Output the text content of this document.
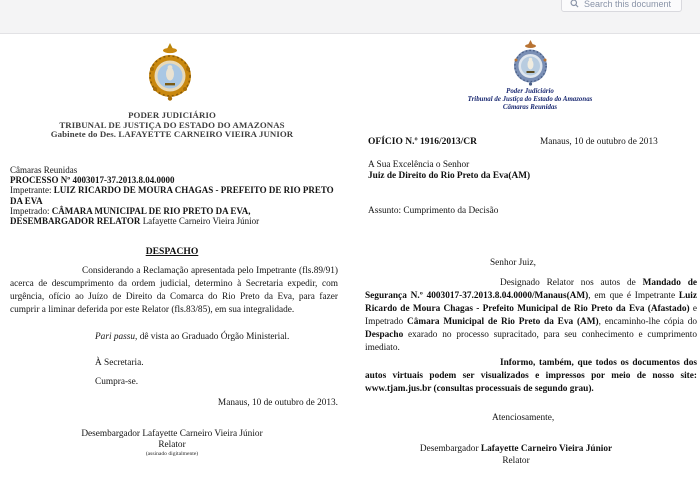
Search this document
PODER JUDICIÁRIO
TRIBUNAL DE JUSTIÇA DO ESTADO DO AMAZONAS
Gabinete do Des. LAFAYETTE CARNEIRO VIEIRA JUNIOR
Câmaras Reunidas
PROCESSO Nº 4003017-37.2013.8.04.0000
Impetrante: LUIZ RICARDO DE MOURA CHAGAS - PREFEITO DE RIO PRETO DA EVA
Impetrado: CÂMARA MUNICIPAL DE RIO PRETO DA EVA,
DESEMBARGADOR RELATOR Lafayette Carneiro Vieira Júnior
DESPACHO

Considerando a Reclamação apresentada pelo Impetrante (fls.89/91) acerca de descumprimento da ordem judicial, determino à Secretaria expedir, com urgência, ofício ao Juízo de Direito da Comarca do Rio Preto da Eva, para fazer cumprir a liminar deferida por este Relator (fls.83/85), em sua integralidade.

Pari passu, dê vista ao Graduado Órgão Ministerial.
À Secretaria.
Cumpra-se.
Manaus, 10 de outubro de 2013.
Desembargador Lafayette Carneiro Vieira Júnior
Relator
(assinado digitalmente)
Poder Judiciário
Tribunal de Justiça do Estado do Amazonas
Câmaras Reunidas
OFÍCIO N.º 1916/2013/CR	Manaus, 10 de outubro de 2013
A Sua Excelência o Senhor
Juiz de Direito do Rio Preto da Eva(AM)
Assunto: Cumprimento da Decisão
Senhor Juiz,

Designado Relator nos autos de Mandado de Segurança N.º 4003017-37.2013.8.04.0000/Manaus(AM), em que é Impetrante Luiz Ricardo de Moura Chagas - Prefeito Municipal de Rio Preto da Eva (Afastado) e Impetrado Câmara Municipal de Rio Preto da Eva (AM), encaminho-lhe cópia do Despacho exarado no processo supracitado, para seu conhecimento e cumprimento imediato.

Informo, também, que todos os documentos dos autos virtuais podem ser visualizados e impressos por meio de nosso site: www.tjam.jus.br (consultas processuais de segundo grau).

Atenciosamente,
Desembargador Lafayette Carneiro Vieira Júnior
Relator
